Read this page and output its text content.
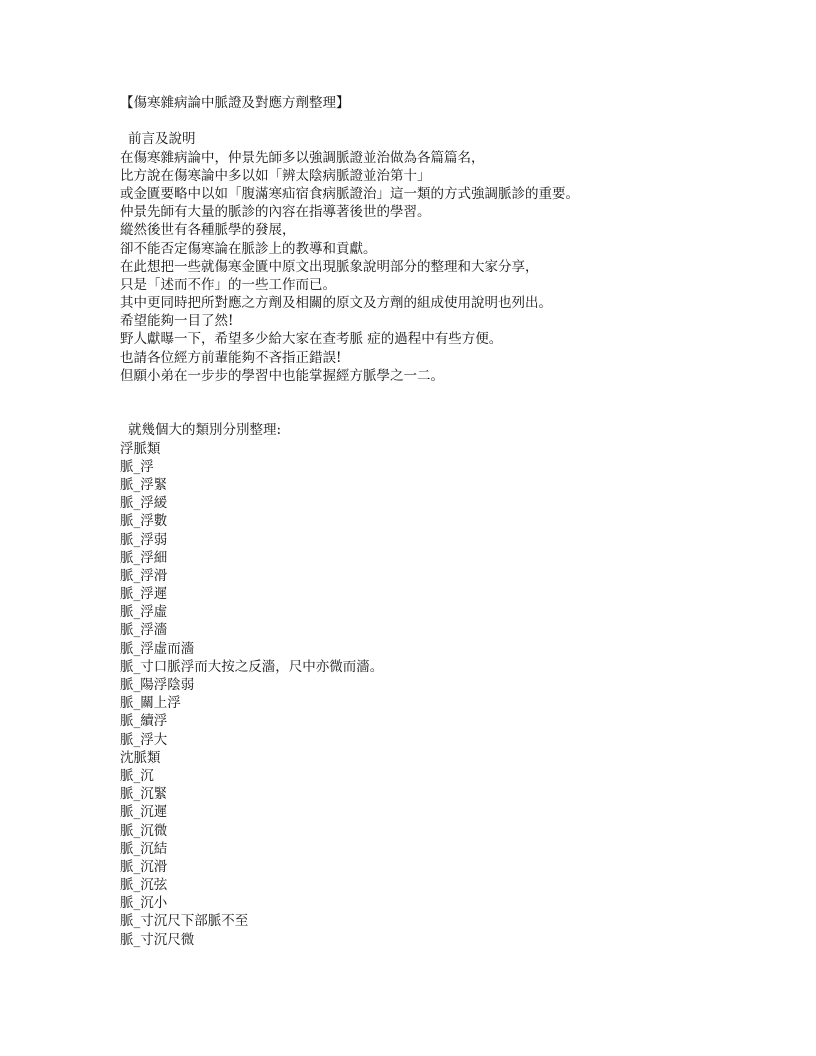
【傷寒雜病論中脈證及對應方劑整理】
前言及說明
在傷寒雜病論中，仲景先師多以強調脈證並治做為各篇篇名，
比方說在傷寒論中多以如「辨太陰病脈證並治第十」
或金匱要略中以如「腹滿寒疝宿食病脈證治」這一類的方式強調脈診的重要。
仲景先師有大量的脈診的內容在指導著後世的學習。
縱然後世有各種脈學的發展，
卻不能否定傷寒論在脈診上的教導和貢獻。
在此想把一些就傷寒金匱中原文出現脈象說明部分的整理和大家分享，
只是「述而不作」的一些工作而已。
其中更同時把所對應之方劑及相關的原文及方劑的組成使用說明也列出。
希望能夠一目了然!
野人獻曝一下，希望多少給大家在查考脈 症的過程中有些方便。
也請各位經方前輩能夠不吝指正錯誤!
但願小弟在一步步的學習中也能掌握經方脈學之一二。
就幾個大的類別分別整理:
浮脈類
脈_浮
脈_浮緊
脈_浮緩
脈_浮數
脈_浮弱
脈_浮細
脈_浮滑
脈_浮遲
脈_浮虛
脈_浮濇
脈_浮虛而濇
脈_寸口脈浮而大按之反濇，尺中亦微而濇。
脈_陽浮陰弱
脈_關上浮
脈_續浮
脈_浮大
沈脈類
脈_沉
脈_沉緊
脈_沉遲
脈_沉微
脈_沉結
脈_沉滑
脈_沉弦
脈_沉小
脈_寸沉尺下部脈不至
脈_寸沉尺微
